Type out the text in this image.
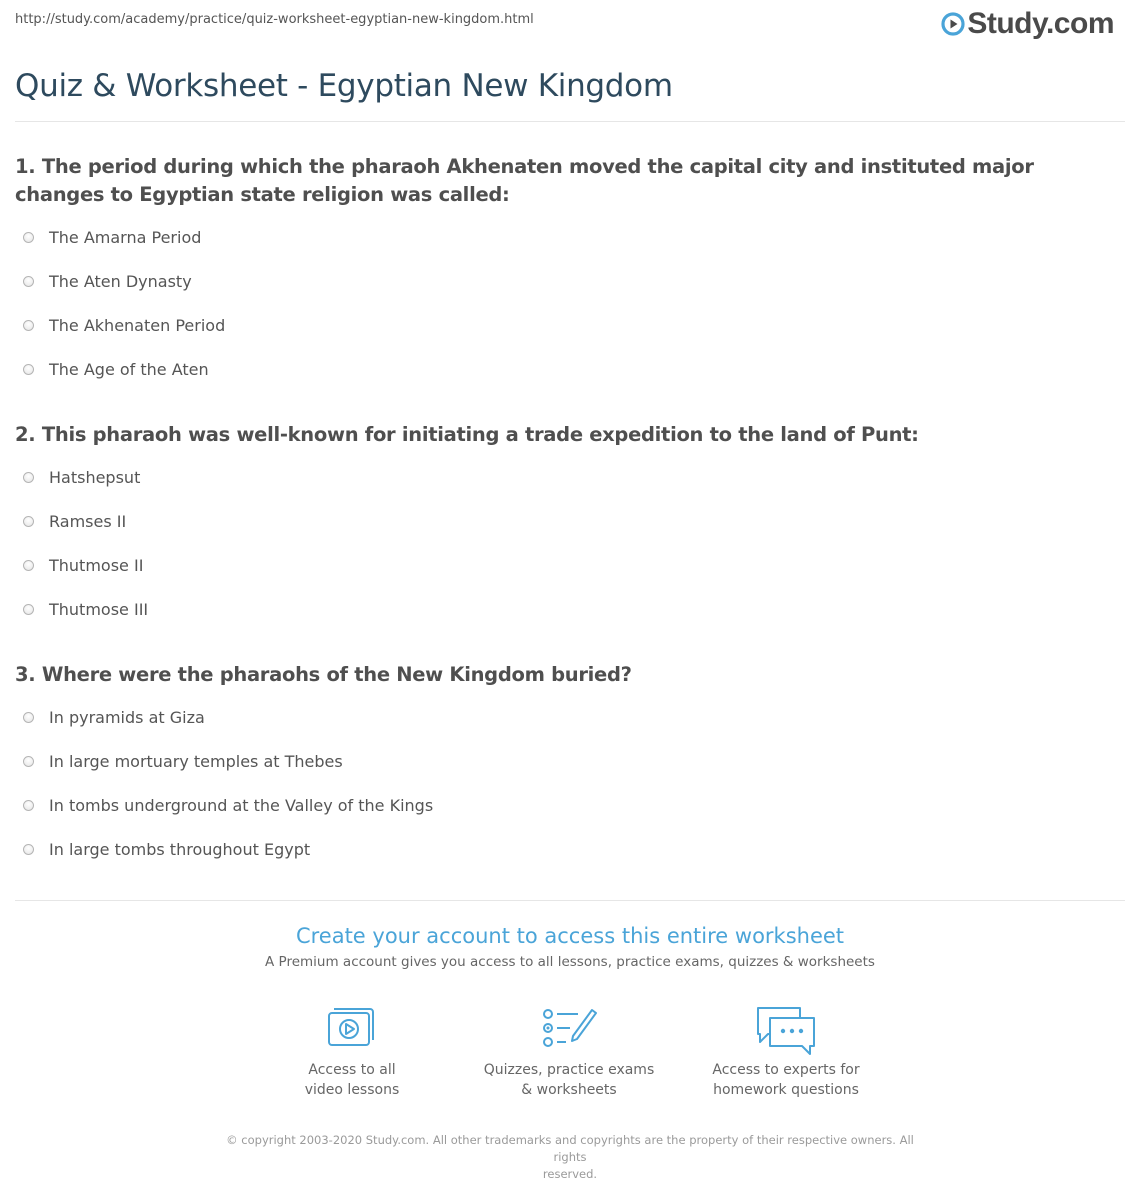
http://study.com/academy/practice/quiz-worksheet-egyptian-new-kingdom.html	Study.com
Quiz & Worksheet - Egyptian New Kingdom

1. The period during which the pharaoh Akhenaten moved the capital city and instituted major changes to Egyptian state religion was called:

The Amarna Period
The Aten Dynasty
The Akhenaten Period
The Age of the Aten

2. This pharaoh was well-known for initiating a trade expedition to the land of Punt:

Hatshepsut
Ramses II
Thutmose II
Thutmose III

3. Where were the pharaohs of the New Kingdom buried?

In pyramids at Giza
In large mortuary temples at Thebes
In tombs underground at the Valley of the Kings
In large tombs throughout Egypt

Create your account to access this entire worksheet

A Premium account gives you access to all lessons, practice exams, quizzes & worksheets
Access to all
video lessons
Quizzes, practice exams
& worksheets
Access to experts for
homework questions
© copyright 2003-2020 Study.com. All other trademarks and copyrights are the property of their respective owners. All rights
reserved.
